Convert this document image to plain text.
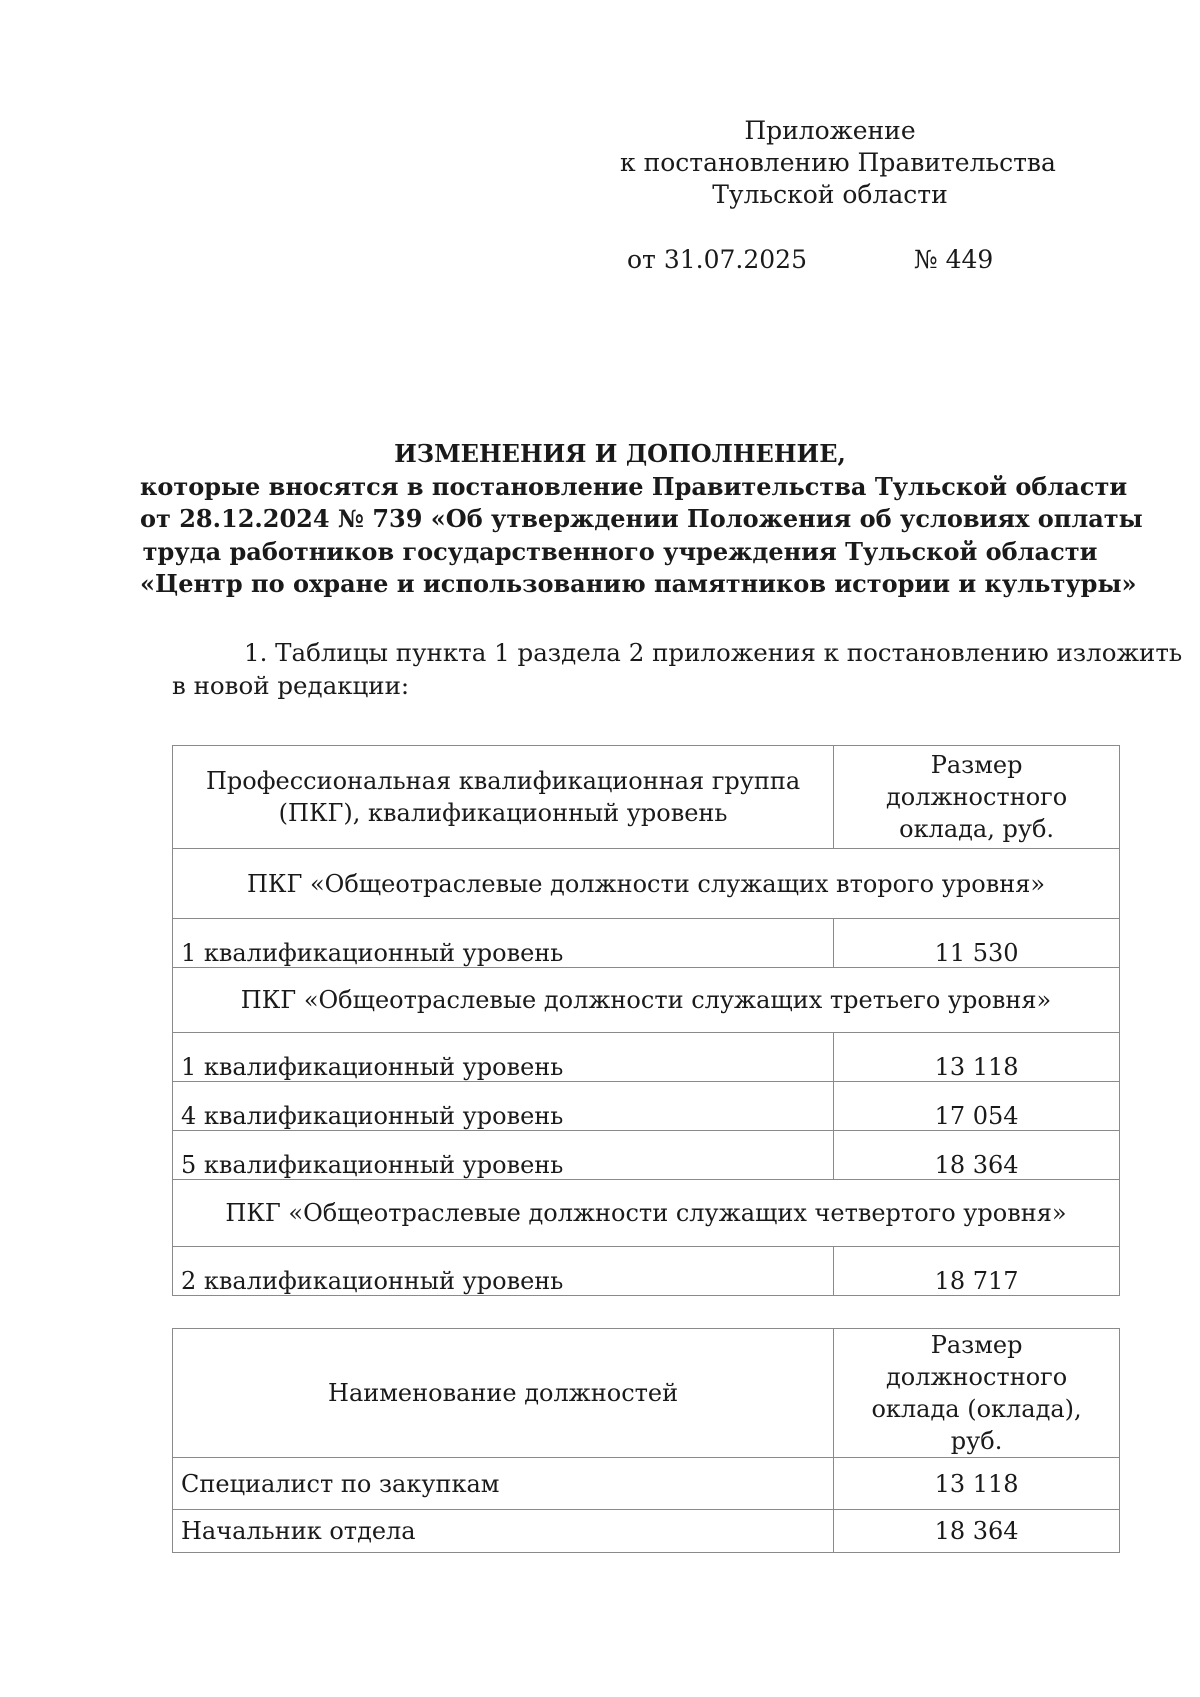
Приложение
к постановлению Правительства
Тульской области
от 31.07.2025	№ 449
ИЗМЕНЕНИЯ И ДОПОЛНЕНИЕ,
которые вносятся в постановление Правительства Тульской области
от 28.12.2024 № 739 «Об утверждении Положения об условиях оплаты
труда работников государственного учреждения Тульской области
«Центр по охране и использованию памятников истории и культуры»
1. Таблицы пункта 1 раздела 2 приложения к постановлению изложить
в новой редакции:
Профессиональная квалификационная группа (ПКГ), квалификационный уровень	Размер должностного оклада, руб.
ПКГ «Общеотраслевые должности служащих второго уровня»	
1 квалификационный уровень	11 530
ПКГ «Общеотраслевые должности служащих третьего уровня»	
1 квалификационный уровень	13 118
4 квалификационный уровень	17 054
5 квалификационный уровень	18 364
ПКГ «Общеотраслевые должности служащих четвертого уровня»	
2 квалификационный уровень	18 717
Наименование должностей	Размер должностного оклада (оклада), руб.
Специалист по закупкам	13 118
Начальник отдела	18 364
